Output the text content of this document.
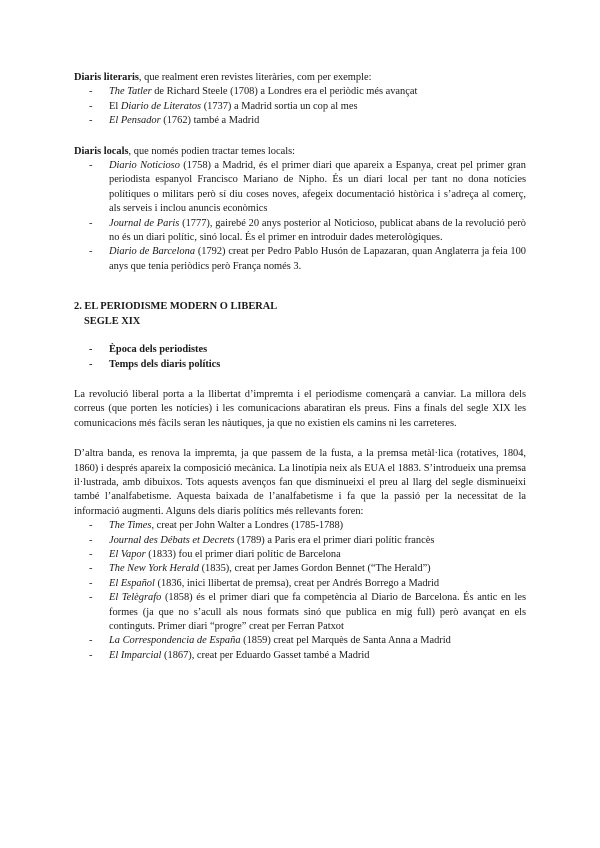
Diaris literaris, que realment eren revistes literàries, com per exemple:

- The Tatler de Richard Steele (1708) a Londres era el periòdic més avançat
- El Diario de Literatos (1737) a Madrid sortia un cop al mes
- El Pensador (1762) també a Madrid

Diaris locals, que només podien tractar temes locals:

- Diario Noticioso (1758) a Madrid, és el primer diari que apareix a Espanya, creat pel primer gran periodista espanyol Francisco Mariano de Nipho. És un diari local per tant no dona notícies polítiques o militars però sí diu coses noves, afegeix documentació històrica i s’adreça al comerç, als serveis i inclou anuncis econòmics
- Journal de Paris (1777), gairebé 20 anys posterior al Noticioso, publicat abans de la revolució però no és un diari polític, sinó local. És el primer en introduir dades meterològiques.
- Diario de Barcelona (1792) creat per Pedro Pablo Husón de Lapazaran, quan Anglaterra ja feia 100 anys que tenia periòdics però França només 3.

2. EL PERIODISME MODERN O LIBERAL

SEGLE XIX

- Època dels periodistes
- Temps dels diaris polítics

La revolució liberal porta a la llibertat d’impremta i el periodisme començarà a canviar. La millora dels correus (que porten les notícies) i les comunicacions abaratiran els preus. Fins a finals del segle XIX les comunicacions més fàcils seran les nàutiques, ja que no existien els camins ni les carreteres.

D’altra banda, es renova la impremta, ja que passem de la fusta, a la premsa metàl·lica (rotatives, 1804, 1860) i després apareix la composició mecànica. La linotípia neix als EUA el 1883. S’introdueix una premsa il·lustrada, amb dibuixos. Tots aquests avenços fan que disminueixi el preu al llarg del segle disminueixi també l’analfabetisme. Aquesta baixada de l’analfabetisme i fa que la passió per la necessitat de la informació augmenti. Alguns dels diaris polítics més rellevants foren:

- The Times, creat per John Walter a Londres (1785-1788)
- Journal des Débats et Decrets (1789) a Paris era el primer diari polític francès
- El Vapor (1833) fou el primer diari polític de Barcelona
- The New York Herald (1835), creat per James Gordon Bennet (“The Herald”)
- El Español (1836, inici llibertat de premsa), creat per Andrés Borrego a Madrid
- El Telègrafo (1858) és el primer diari que fa competència al Diario de Barcelona. És antic en les formes (ja que no s’acull als nous formats sinó que publica en mig full) però avançat en els continguts. Primer diari “progre” creat per Ferran Patxot
- La Correspondencia de España (1859) creat pel Marquès de Santa Anna a Madrid
- El Imparcial (1867), creat per Eduardo Gasset també a Madrid
